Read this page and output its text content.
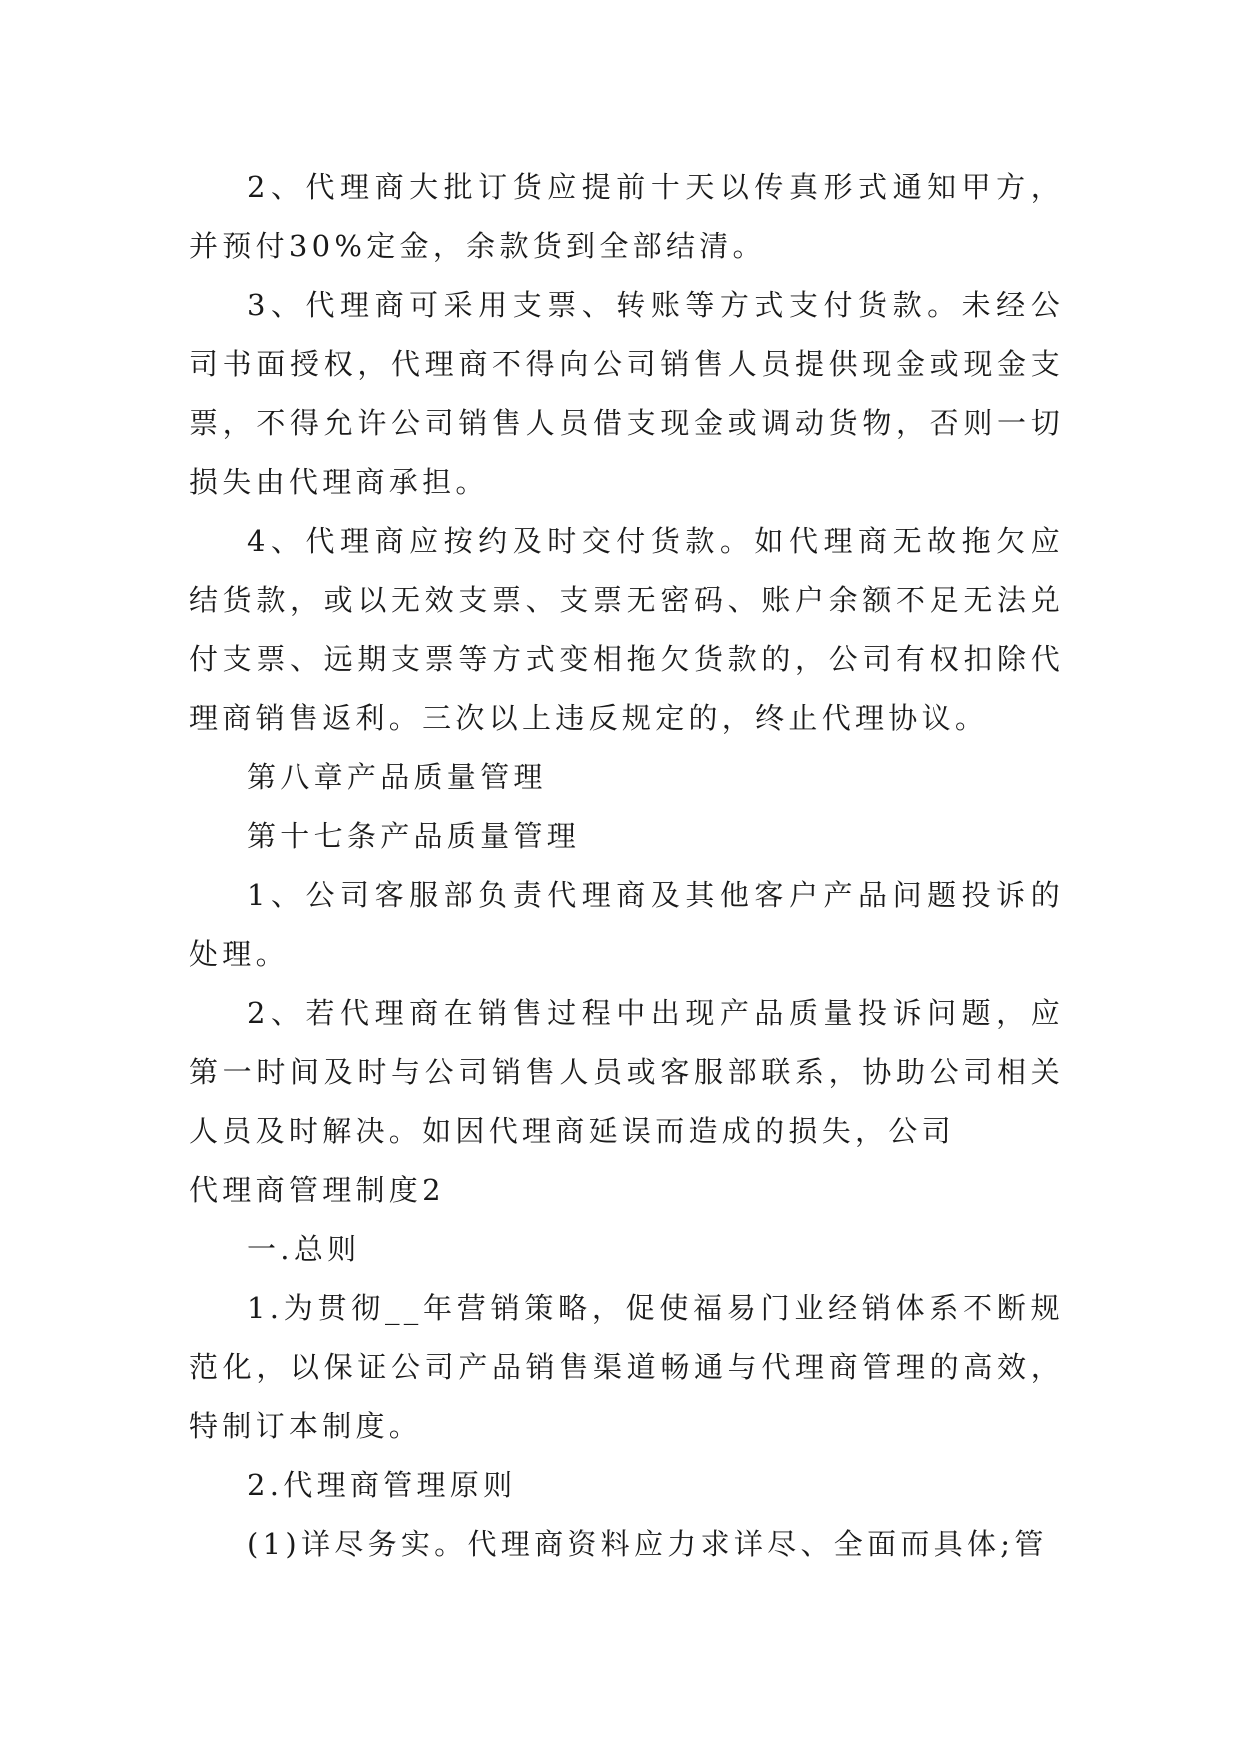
2、代理商大批订货应提前十天以传真形式通知甲方，并预付30%定金，余款货到全部结清。

3、代理商可采用支票、转账等方式支付货款。未经公司书面授权，代理商不得向公司销售人员提供现金或现金支票，不得允许公司销售人员借支现金或调动货物，否则一切损失由代理商承担。

4、代理商应按约及时交付货款。如代理商无故拖欠应结货款，或以无效支票、支票无密码、账户余额不足无法兑付支票、远期支票等方式变相拖欠货款的，公司有权扣除代理商销售返利。三次以上违反规定的，终止代理协议。

第八章产品质量管理

第十七条产品质量管理

1、公司客服部负责代理商及其他客户产品问题投诉的处理。

2、若代理商在销售过程中出现产品质量投诉问题，应第一时间及时与公司销售人员或客服部联系，协助公司相关人员及时解决。如因代理商延误而造成的损失，公司

代理商管理制度2

一.总则

1.为贯彻__年营销策略，促使福易门业经销体系不断规范化，以保证公司产品销售渠道畅通与代理商管理的高效，特制订本制度。

2.代理商管理原则

(1)详尽务实。代理商资料应力求详尽、全面而具体;管
